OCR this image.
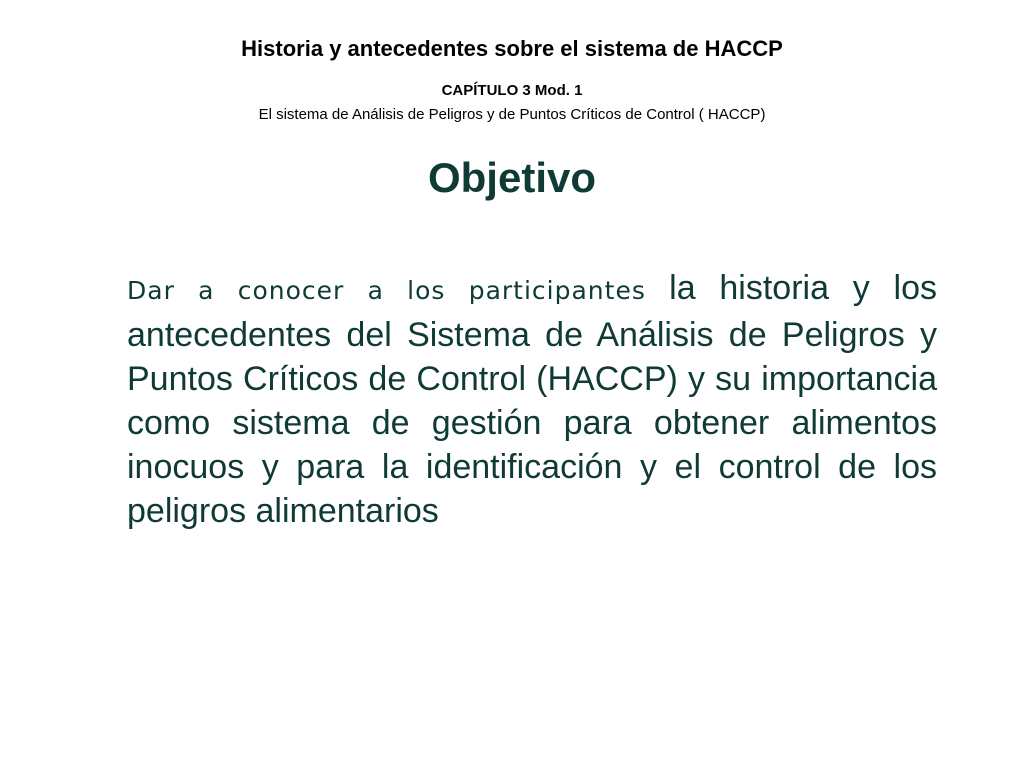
Historia y antecedentes sobre el sistema de HACCP
CAPÍTULO 3 Mod. 1
El sistema de Análisis de Peligros y de Puntos Críticos de Control ( HACCP)
Objetivo

Dar a conocer a los participantes la historia y los antecedentes del Sistema de Análisis de Peligros y Puntos Críticos de Control (HACCP) y su importancia como sistema de gestión para obtener alimentos inocuos y para la identificación y el control de los peligros alimentarios
